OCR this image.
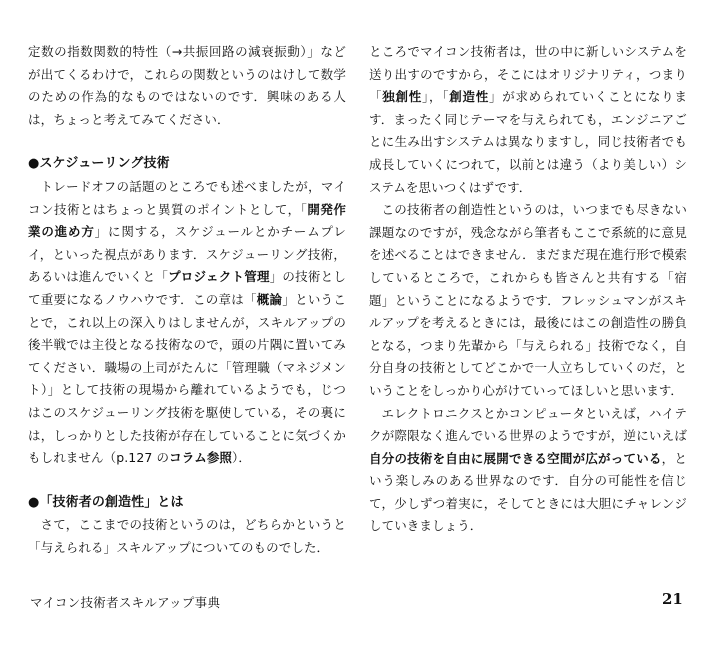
定数の指数関数的特性（→共振回路の減衰振動）」などが出てくるわけで，これらの関数というのはけして数学のための作為的なものではないのです．興味のある人は，ちょっと考えてみてください．

●スケジューリング技術

トレードオフの話題のところでも述べましたが，マイコン技術とはちょっと異質のポイントとして，「開発作業の進め方」に関する，スケジュールとかチームプレイ，といった視点があります．スケジューリング技術，あるいは進んでいくと「プロジェクト管理」の技術として重要になるノウハウです．この章は「概論」ということで，これ以上の深入りはしませんが，スキルアップの後半戦では主役となる技術なので，頭の片隅に置いてみてください．職場の上司がたんに「管理職（マネジメント）」として技術の現場から離れているようでも，じつはこのスケジューリング技術を駆使している，その裏には，しっかりとした技術が存在していることに気づくかもしれません（p.127 のコラム参照）．

●「技術者の創造性」とは

さて，ここまでの技術というのは，どちらかというと「与えられる」スキルアップについてのものでした．

ところでマイコン技術者は，世の中に新しいシステムを送り出すのですから，そこにはオリジナリティ，つまり「独創性」，「創造性」が求められていくことになります．まったく同じテーマを与えられても，エンジニアごとに生み出すシステムは異なりますし，同じ技術者でも成長していくにつれて，以前とは違う（より美しい）システムを思いつくはずです．

この技術者の創造性というのは，いつまでも尽きない課題なのですが，残念ながら筆者もここで系統的に意見を述べることはできません．まだまだ現在進行形で模索しているところで，これからも皆さんと共有する「宿題」ということになるようです．フレッシュマンがスキルアップを考えるときには，最後にはこの創造性の勝負となる，つまり先輩から「与えられる」技術でなく，自分自身の技術としてどこかで一人立ちしていくのだ，ということをしっかり心がけていってほしいと思います．

エレクトロニクスとかコンピュータといえば，ハイテクが際限なく進んでいる世界のようですが，逆にいえば自分の技術を自由に展開できる空間が広がっている，という楽しみのある世界なのです．自分の可能性を信じて，少しずつ着実に，そしてときには大胆にチャレンジしていきましょう．

マイコン技術者スキルアップ事典	21
